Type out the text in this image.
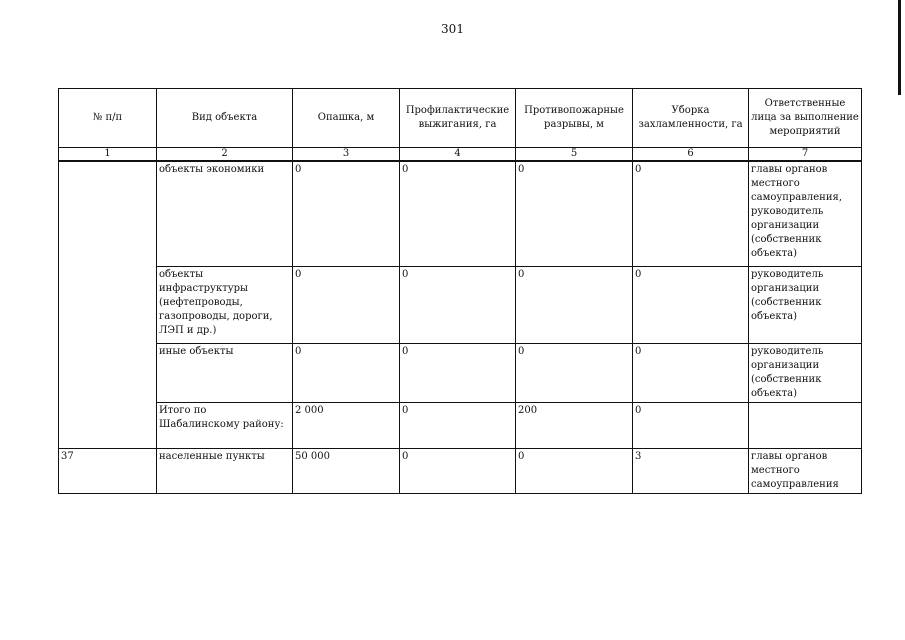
301
№ п/п	Вид объекта	Опашка, м	Профилактические выжигания, га	Противопожарные разрывы, м	Уборка захламленности, га	Ответственные лица за выполнение мероприятий
1	2	3	4	5	6	7
	объекты экономики	0	0	0	0	главы органов местного самоуправления, руководитель организации (собственник объекта)
	объекты инфраструктуры (нефтепроводы, газопроводы, дороги, ЛЭП и др.)	0	0	0	0	руководитель организации (собственник объекта)
	иные объекты	0	0	0	0	руководитель организации (собственник объекта)
	Итого по Шабалинскому району:	2 000	0	200	0	
37	населенные пункты	50 000	0	0	3	главы органов местного самоуправления
